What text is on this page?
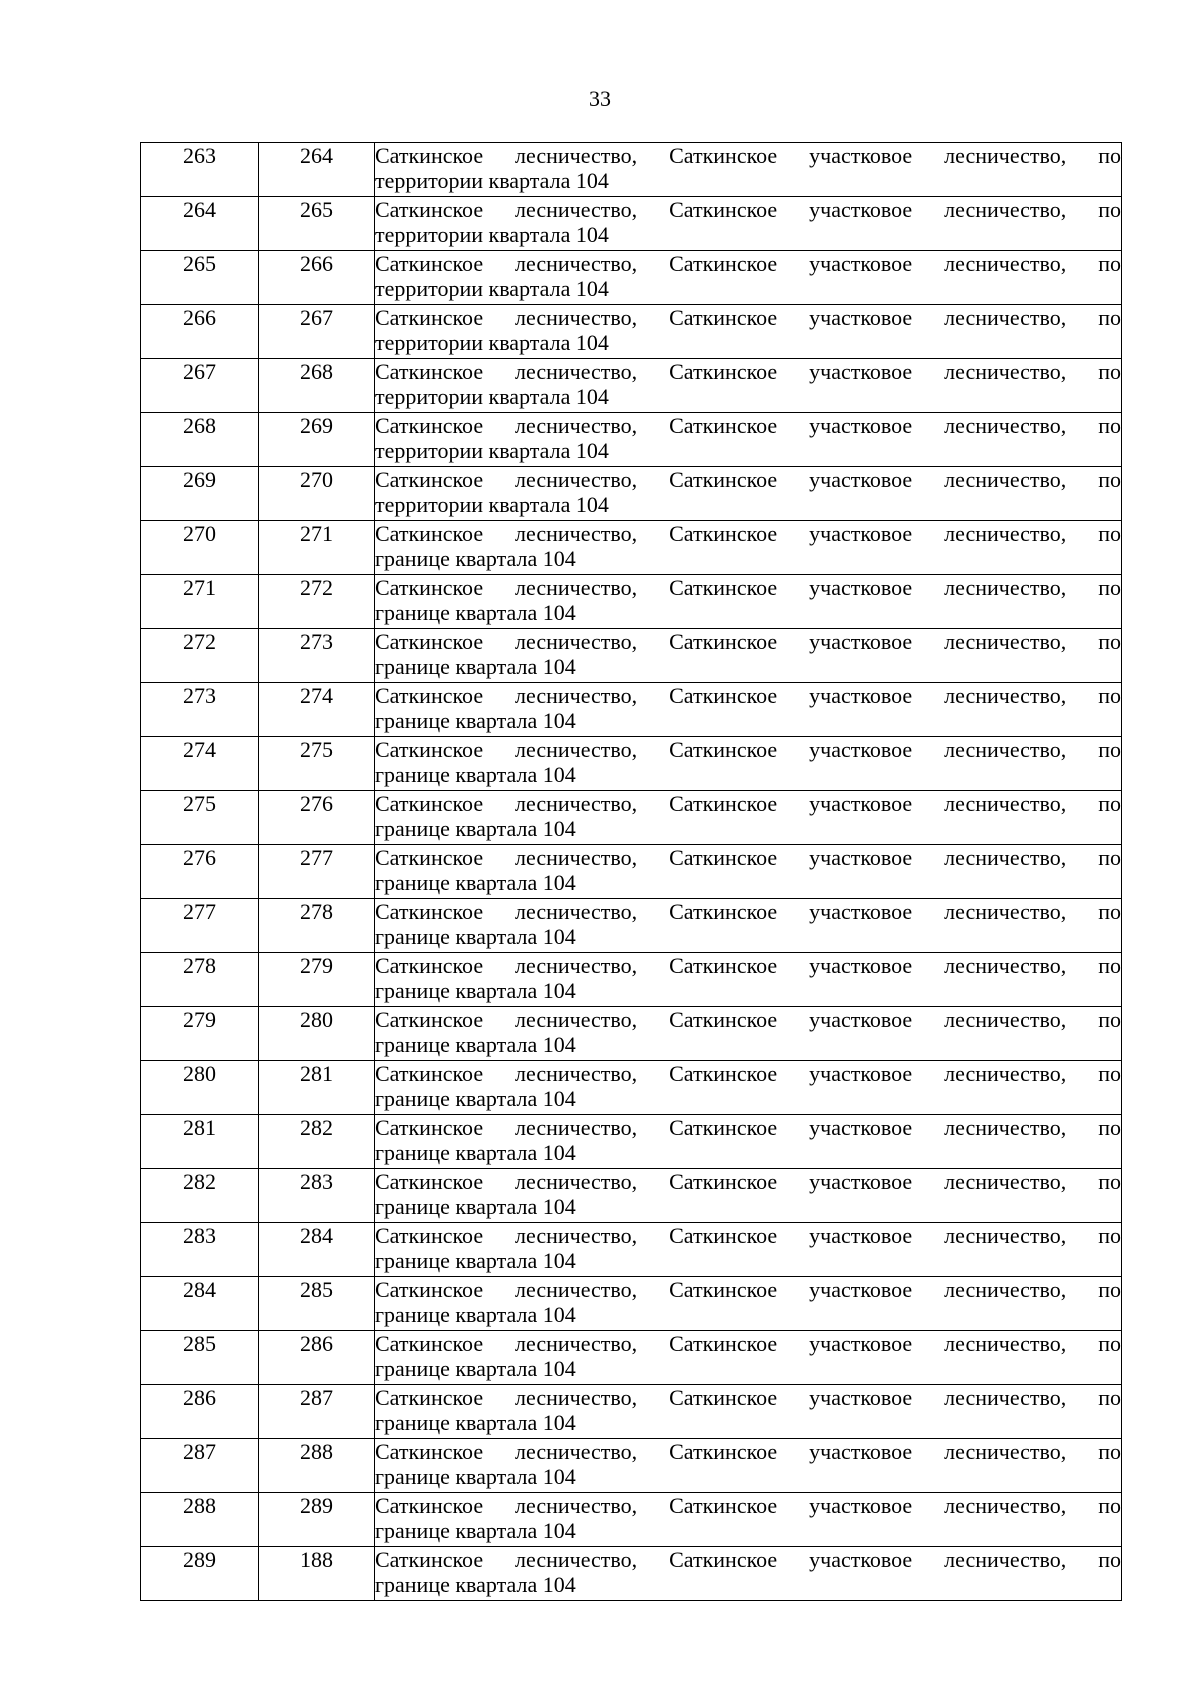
33
263	264	Саткинское лесничество, Саткинское участковое лесничество, по
территории квартала 104

264	265	Саткинское лесничество, Саткинское участковое лесничество, по
территории квартала 104

265	266	Саткинское лесничество, Саткинское участковое лесничество, по
территории квартала 104

266	267	Саткинское лесничество, Саткинское участковое лесничество, по
территории квартала 104

267	268	Саткинское лесничество, Саткинское участковое лесничество, по
территории квартала 104

268	269	Саткинское лесничество, Саткинское участковое лесничество, по
территории квартала 104

269	270	Саткинское лесничество, Саткинское участковое лесничество, по
территории квартала 104

270	271	Саткинское лесничество, Саткинское участковое лесничество, по
границе квартала 104

271	272	Саткинское лесничество, Саткинское участковое лесничество, по
границе квартала 104

272	273	Саткинское лесничество, Саткинское участковое лесничество, по
границе квартала 104

273	274	Саткинское лесничество, Саткинское участковое лесничество, по
границе квартала 104

274	275	Саткинское лесничество, Саткинское участковое лесничество, по
границе квартала 104

275	276	Саткинское лесничество, Саткинское участковое лесничество, по
границе квартала 104

276	277	Саткинское лесничество, Саткинское участковое лесничество, по
границе квартала 104

277	278	Саткинское лесничество, Саткинское участковое лесничество, по
границе квартала 104

278	279	Саткинское лесничество, Саткинское участковое лесничество, по
границе квартала 104

279	280	Саткинское лесничество, Саткинское участковое лесничество, по
границе квартала 104

280	281	Саткинское лесничество, Саткинское участковое лесничество, по
границе квартала 104

281	282	Саткинское лесничество, Саткинское участковое лесничество, по
границе квартала 104

282	283	Саткинское лесничество, Саткинское участковое лесничество, по
границе квартала 104

283	284	Саткинское лесничество, Саткинское участковое лесничество, по
границе квартала 104

284	285	Саткинское лесничество, Саткинское участковое лесничество, по
границе квартала 104

285	286	Саткинское лесничество, Саткинское участковое лесничество, по
границе квартала 104

286	287	Саткинское лесничество, Саткинское участковое лесничество, по
границе квартала 104

287	288	Саткинское лесничество, Саткинское участковое лесничество, по
границе квартала 104

288	289	Саткинское лесничество, Саткинское участковое лесничество, по
границе квартала 104

289	188	Саткинское лесничество, Саткинское участковое лесничество, по
границе квартала 104
